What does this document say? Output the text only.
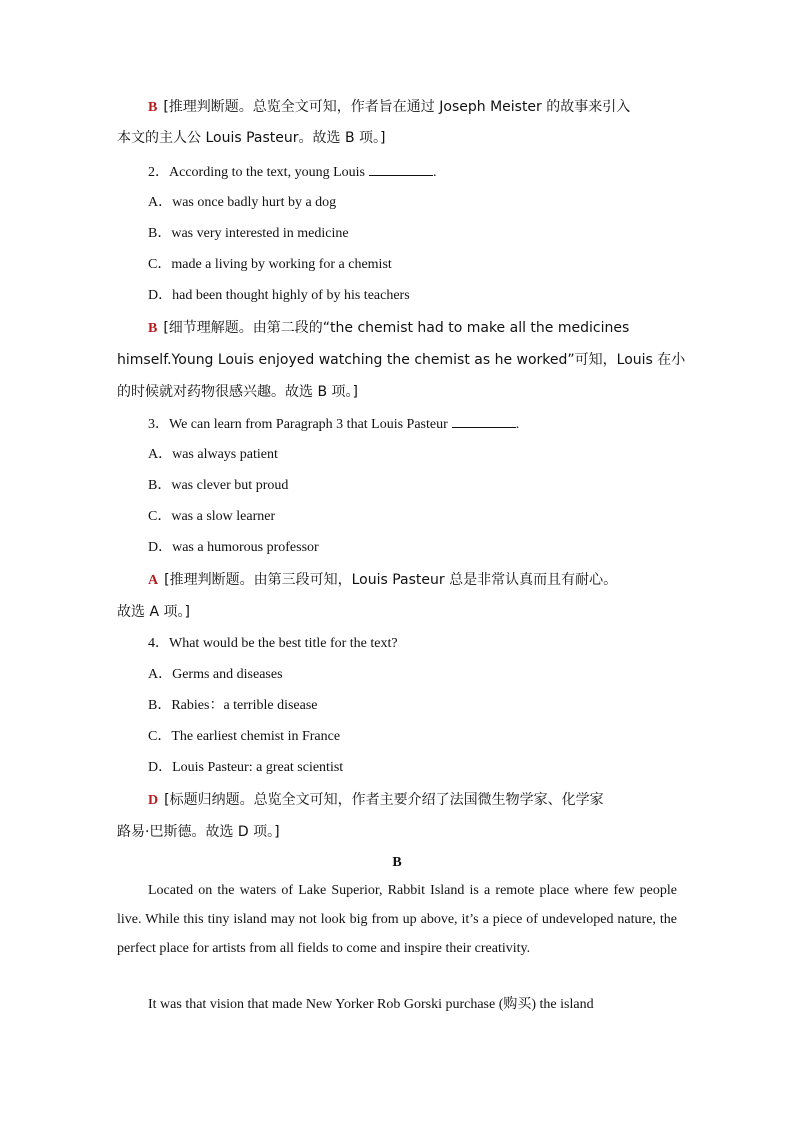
B [推理判断题。总览全文可知，作者旨在通过 Joseph Meister 的故事来引入
本文的主人公 Louis Pasteur。故选 B 项。]
2．According to the text, young Louis	.
A．was once badly hurt by a dog
B．was very interested in medicine
C．made a living by working for a chemist
D．had been thought highly of by his teachers
B [细节理解题。由第二段的“the chemist had to make all the medicines
himself.Young Louis enjoyed watching the chemist as he worked”可知，Louis 在小
的时候就对药物很感兴趣。故选 B 项。]
3．We can learn from Paragraph 3 that Louis Pasteur	.
A．was always patient
B．was clever but proud
C．was a slow learner
D．was a humorous professor
A [推理判断题。由第三段可知，Louis Pasteur 总是非常认真而且有耐心。
故选 A 项。]
4．What would be the best title for the text?
A．Germs and diseases
B．Rabies：a terrible disease
C．The earliest chemist in France
D．Louis Pasteur: a great scientist
D [标题归纳题。总览全文可知，作者主要介绍了法国微生物学家、化学家
路易·巴斯德。故选 D 项。]
B
Located on the waters of Lake Superior, Rabbit Island is a remote place where few people live. While this tiny island may not look big from up above, it’s a piece of undeveloped nature, the perfect place for artists from all fields to come and inspire their creativity.
It was that vision that made New Yorker Rob Gorski purchase (购买) the island
